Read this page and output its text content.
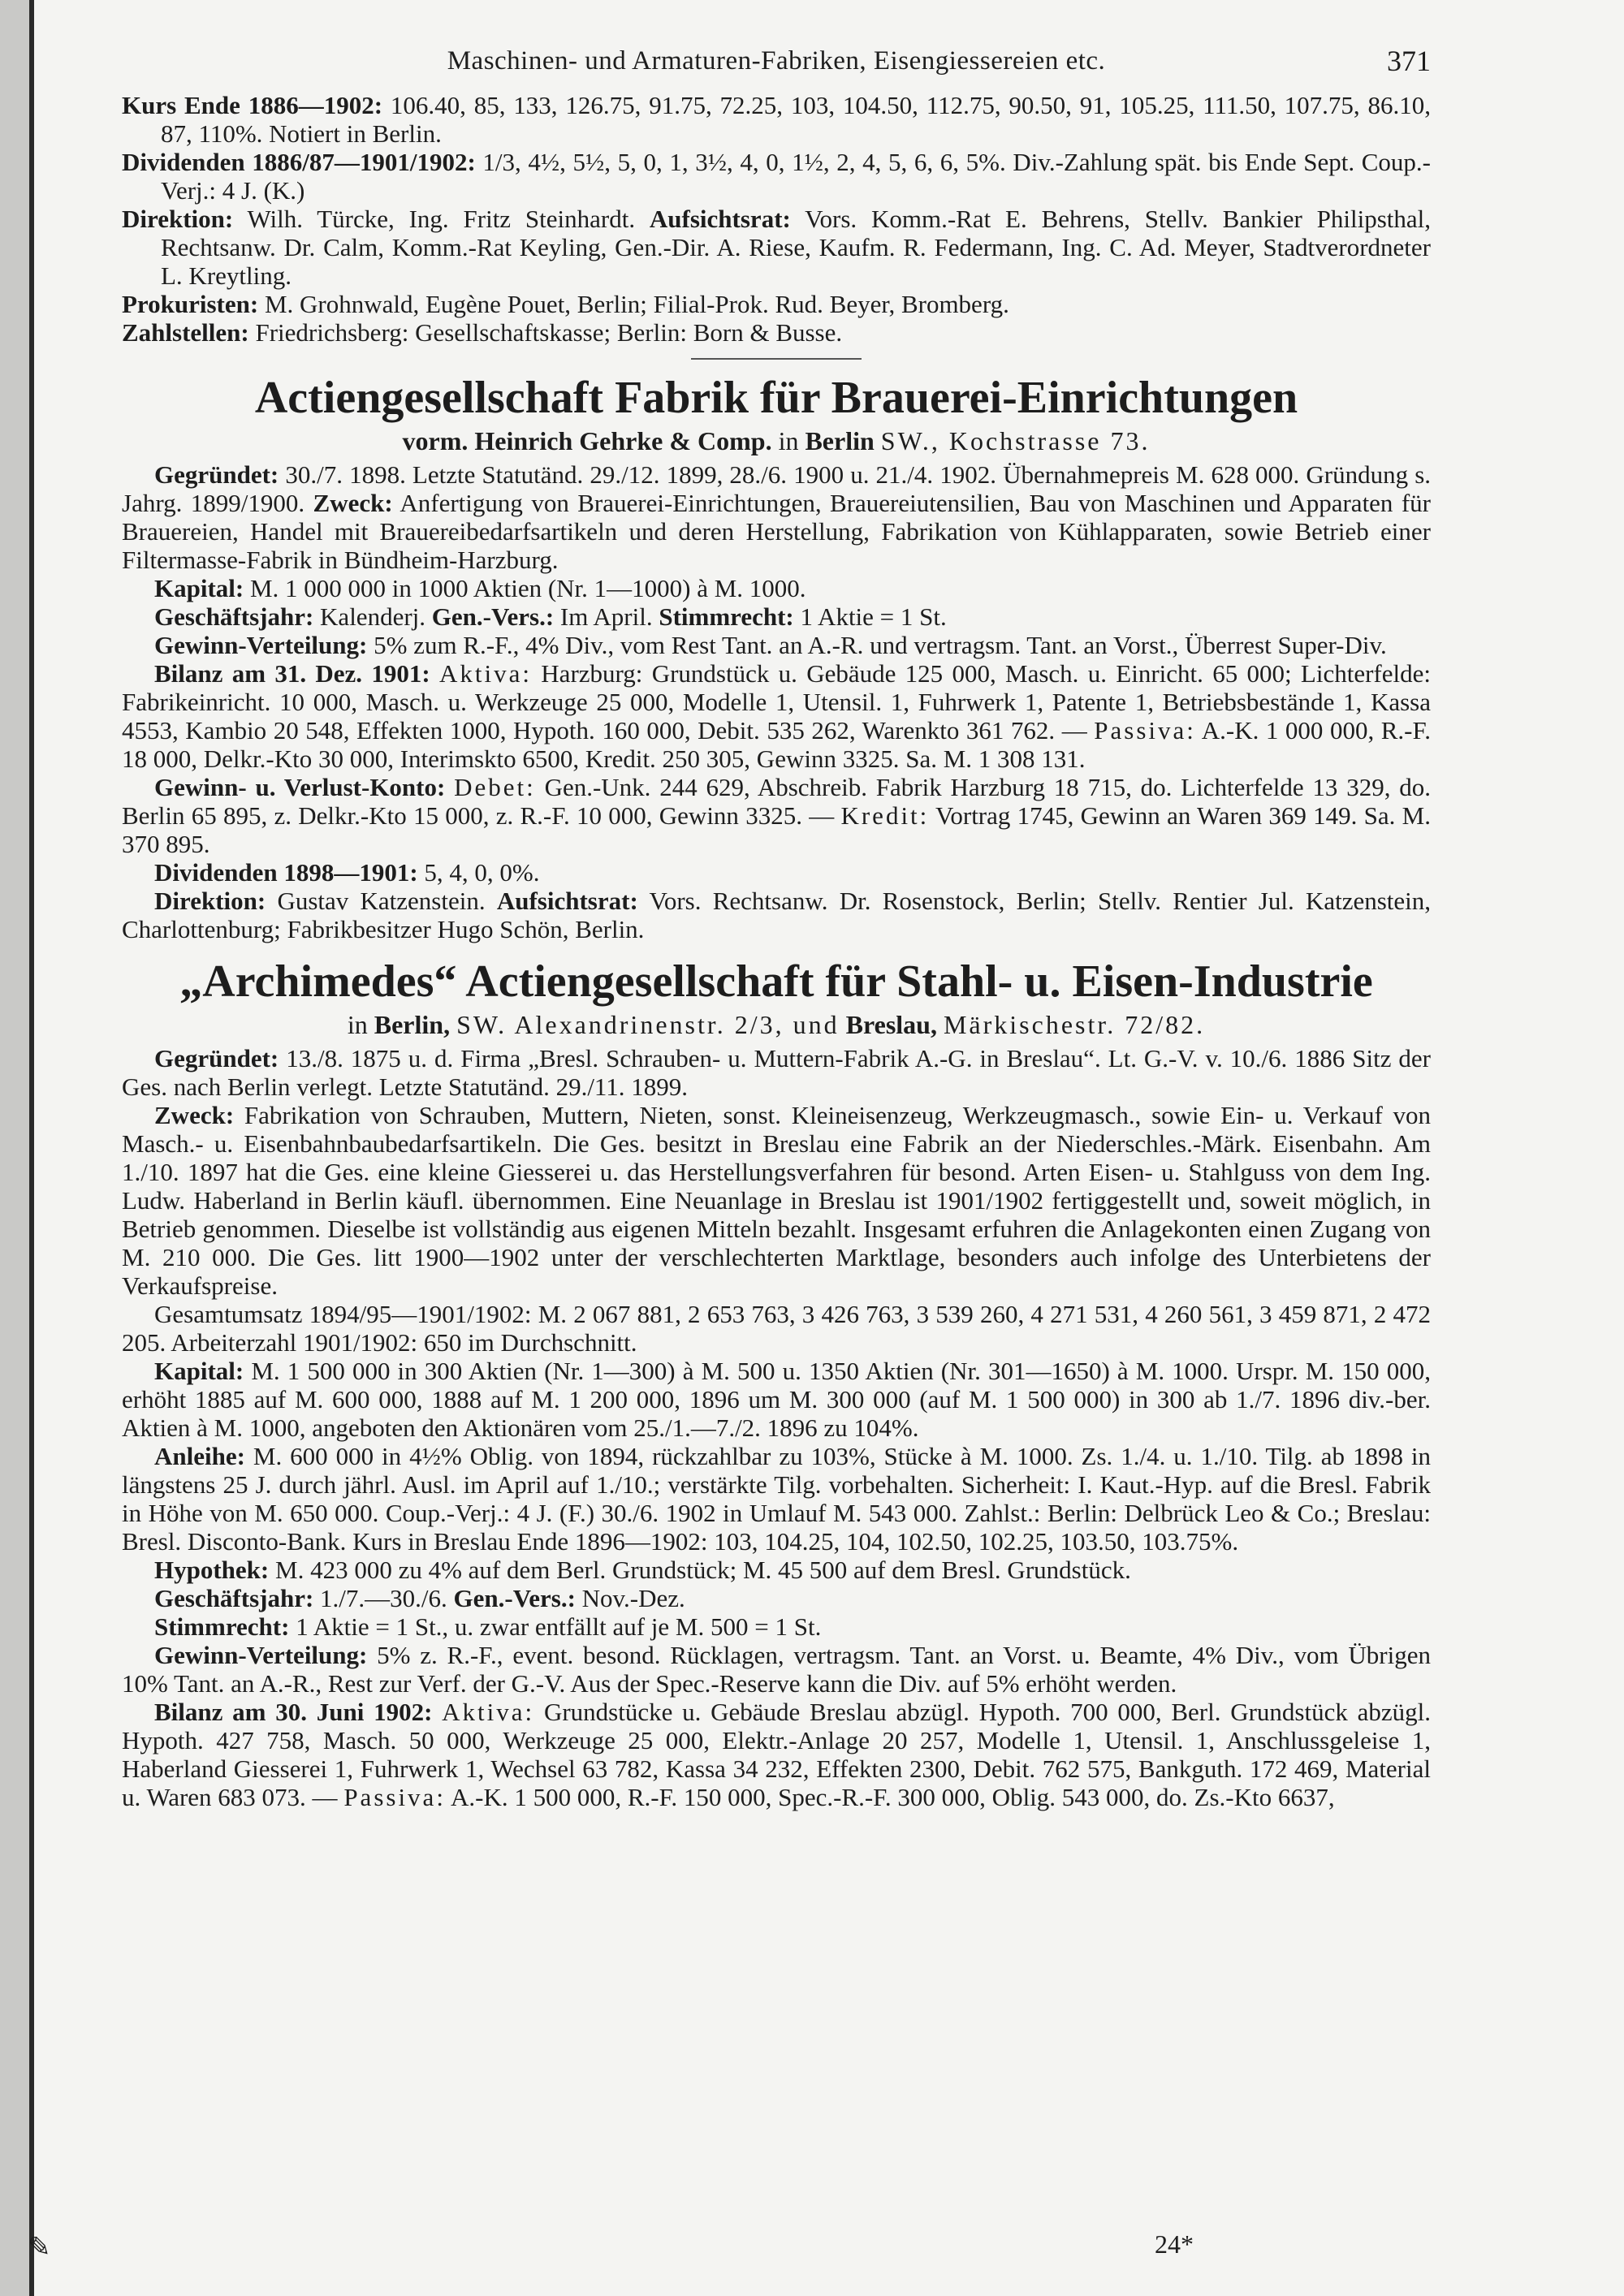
Maschinen- und Armaturen-Fabriken, Eisengiessereien etc.	371

Kurs Ende 1886—1902: 106.40, 85, 133, 126.75, 91.75, 72.25, 103, 104.50, 112.75, 90.50, 91, 105.25, 111.50, 107.75, 86.10, 87, 110%. Notiert in Berlin.

Dividenden 1886/87—1901/1902: 1/3, 4½, 5½, 5, 0, 1, 3½, 4, 0, 1½, 2, 4, 5, 6, 6, 5%. Div.-Zahlung spät. bis Ende Sept. Coup.-Verj.: 4 J. (K.)

Direktion: Wilh. Türcke, Ing. Fritz Steinhardt. Aufsichtsrat: Vors. Komm.-Rat E. Behrens, Stellv. Bankier Philipsthal, Rechtsanw. Dr. Calm, Komm.-Rat Keyling, Gen.-Dir. A. Riese, Kaufm. R. Federmann, Ing. C. Ad. Meyer, Stadtverordneter L. Kreytling.

Prokuristen: M. Grohnwald, Eugène Pouet, Berlin; Filial-Prok. Rud. Beyer, Bromberg.

Zahlstellen: Friedrichsberg: Gesellschaftskasse; Berlin: Born & Busse.

Actiengesellschaft Fabrik für Brauerei-Einrichtungen
vorm. Heinrich Gehrke & Comp. in Berlin SW., Kochstrasse 73.

Gegründet: 30./7. 1898. Letzte Statutänd. 29./12. 1899, 28./6. 1900 u. 21./4. 1902. Übernahmepreis M. 628 000. Gründung s. Jahrg. 1899/1900. Zweck: Anfertigung von Brauerei-Einrichtungen, Brauereiutensilien, Bau von Maschinen und Apparaten für Brauereien, Handel mit Brauereibedarfsartikeln und deren Herstellung, Fabrikation von Kühlapparaten, sowie Betrieb einer Filtermasse-Fabrik in Bündheim-Harzburg.

Kapital: M. 1 000 000 in 1000 Aktien (Nr. 1—1000) à M. 1000.

Geschäftsjahr: Kalenderj. Gen.-Vers.: Im April. Stimmrecht: 1 Aktie = 1 St.

Gewinn-Verteilung: 5% zum R.-F., 4% Div., vom Rest Tant. an A.-R. und vertragsm. Tant. an Vorst., Überrest Super-Div.

Bilanz am 31. Dez. 1901: Aktiva: Harzburg: Grundstück u. Gebäude 125 000, Masch. u. Einricht. 65 000; Lichterfelde: Fabrikeinricht. 10 000, Masch. u. Werkzeuge 25 000, Modelle 1, Utensil. 1, Fuhrwerk 1, Patente 1, Betriebsbestände 1, Kassa 4553, Kambio 20 548, Effekten 1000, Hypoth. 160 000, Debit. 535 262, Warenkto 361 762. — Passiva: A.-K. 1 000 000, R.-F. 18 000, Delkr.-Kto 30 000, Interimskto 6500, Kredit. 250 305, Gewinn 3325. Sa. M. 1 308 131.

Gewinn- u. Verlust-Konto: Debet: Gen.-Unk. 244 629, Abschreib. Fabrik Harzburg 18 715, do. Lichterfelde 13 329, do. Berlin 65 895, z. Delkr.-Kto 15 000, z. R.-F. 10 000, Gewinn 3325. — Kredit: Vortrag 1745, Gewinn an Waren 369 149. Sa. M. 370 895.

Dividenden 1898—1901: 5, 4, 0, 0%.

Direktion: Gustav Katzenstein. Aufsichtsrat: Vors. Rechtsanw. Dr. Rosenstock, Berlin; Stellv. Rentier Jul. Katzenstein, Charlottenburg; Fabrikbesitzer Hugo Schön, Berlin.

„Archimedes“ Actiengesellschaft für Stahl- u. Eisen-Industrie
in Berlin, SW. Alexandrinenstr. 2/3, und Breslau, Märkischestr. 72/82.

Gegründet: 13./8. 1875 u. d. Firma „Bresl. Schrauben- u. Muttern-Fabrik A.-G. in Breslau“. Lt. G.-V. v. 10./6. 1886 Sitz der Ges. nach Berlin verlegt. Letzte Statutänd. 29./11. 1899.

Zweck: Fabrikation von Schrauben, Muttern, Nieten, sonst. Kleineisenzeug, Werkzeugmasch., sowie Ein- u. Verkauf von Masch.- u. Eisenbahnbaubedarfsartikeln. Die Ges. besitzt in Breslau eine Fabrik an der Niederschles.-Märk. Eisenbahn. Am 1./10. 1897 hat die Ges. eine kleine Giesserei u. das Herstellungsverfahren für besond. Arten Eisen- u. Stahlguss von dem Ing. Ludw. Haberland in Berlin käufl. übernommen. Eine Neuanlage in Breslau ist 1901/1902 fertiggestellt und, soweit möglich, in Betrieb genommen. Dieselbe ist vollständig aus eigenen Mitteln bezahlt. Insgesamt erfuhren die Anlagekonten einen Zugang von M. 210 000. Die Ges. litt 1900—1902 unter der verschlechterten Marktlage, besonders auch infolge des Unterbietens der Verkaufspreise.

Gesamtumsatz 1894/95—1901/1902: M. 2 067 881, 2 653 763, 3 426 763, 3 539 260, 4 271 531, 4 260 561, 3 459 871, 2 472 205. Arbeiterzahl 1901/1902: 650 im Durchschnitt.

Kapital: M. 1 500 000 in 300 Aktien (Nr. 1—300) à M. 500 u. 1350 Aktien (Nr. 301—1650) à M. 1000. Urspr. M. 150 000, erhöht 1885 auf M. 600 000, 1888 auf M. 1 200 000, 1896 um M. 300 000 (auf M. 1 500 000) in 300 ab 1./7. 1896 div.-ber. Aktien à M. 1000, angeboten den Aktionären vom 25./1.—7./2. 1896 zu 104%.

Anleihe: M. 600 000 in 4½% Oblig. von 1894, rückzahlbar zu 103%, Stücke à M. 1000. Zs. 1./4. u. 1./10. Tilg. ab 1898 in längstens 25 J. durch jährl. Ausl. im April auf 1./10.; verstärkte Tilg. vorbehalten. Sicherheit: I. Kaut.-Hyp. auf die Bresl. Fabrik in Höhe von M. 650 000. Coup.-Verj.: 4 J. (F.) 30./6. 1902 in Umlauf M. 543 000. Zahlst.: Berlin: Delbrück Leo & Co.; Breslau: Bresl. Disconto-Bank. Kurs in Breslau Ende 1896—1902: 103, 104.25, 104, 102.50, 102.25, 103.50, 103.75%.

Hypothek: M. 423 000 zu 4% auf dem Berl. Grundstück; M. 45 500 auf dem Bresl. Grundstück.

Geschäftsjahr: 1./7.—30./6. Gen.-Vers.: Nov.-Dez.

Stimmrecht: 1 Aktie = 1 St., u. zwar entfällt auf je M. 500 = 1 St.

Gewinn-Verteilung: 5% z. R.-F., event. besond. Rücklagen, vertragsm. Tant. an Vorst. u. Beamte, 4% Div., vom Übrigen 10% Tant. an A.-R., Rest zur Verf. der G.-V. Aus der Spec.-Reserve kann die Div. auf 5% erhöht werden.

Bilanz am 30. Juni 1902: Aktiva: Grundstücke u. Gebäude Breslau abzügl. Hypoth. 700 000, Berl. Grundstück abzügl. Hypoth. 427 758, Masch. 50 000, Werkzeuge 25 000, Elektr.-Anlage 20 257, Modelle 1, Utensil. 1, Anschlussgeleise 1, Haberland Giesserei 1, Fuhrwerk 1, Wechsel 63 782, Kassa 34 232, Effekten 2300, Debit. 762 575, Bankguth. 172 469, Material u. Waren 683 073. — Passiva: A.-K. 1 500 000, R.-F. 150 000, Spec.-R.-F. 300 000, Oblig. 543 000, do. Zs.-Kto 6637,

✎	24*
